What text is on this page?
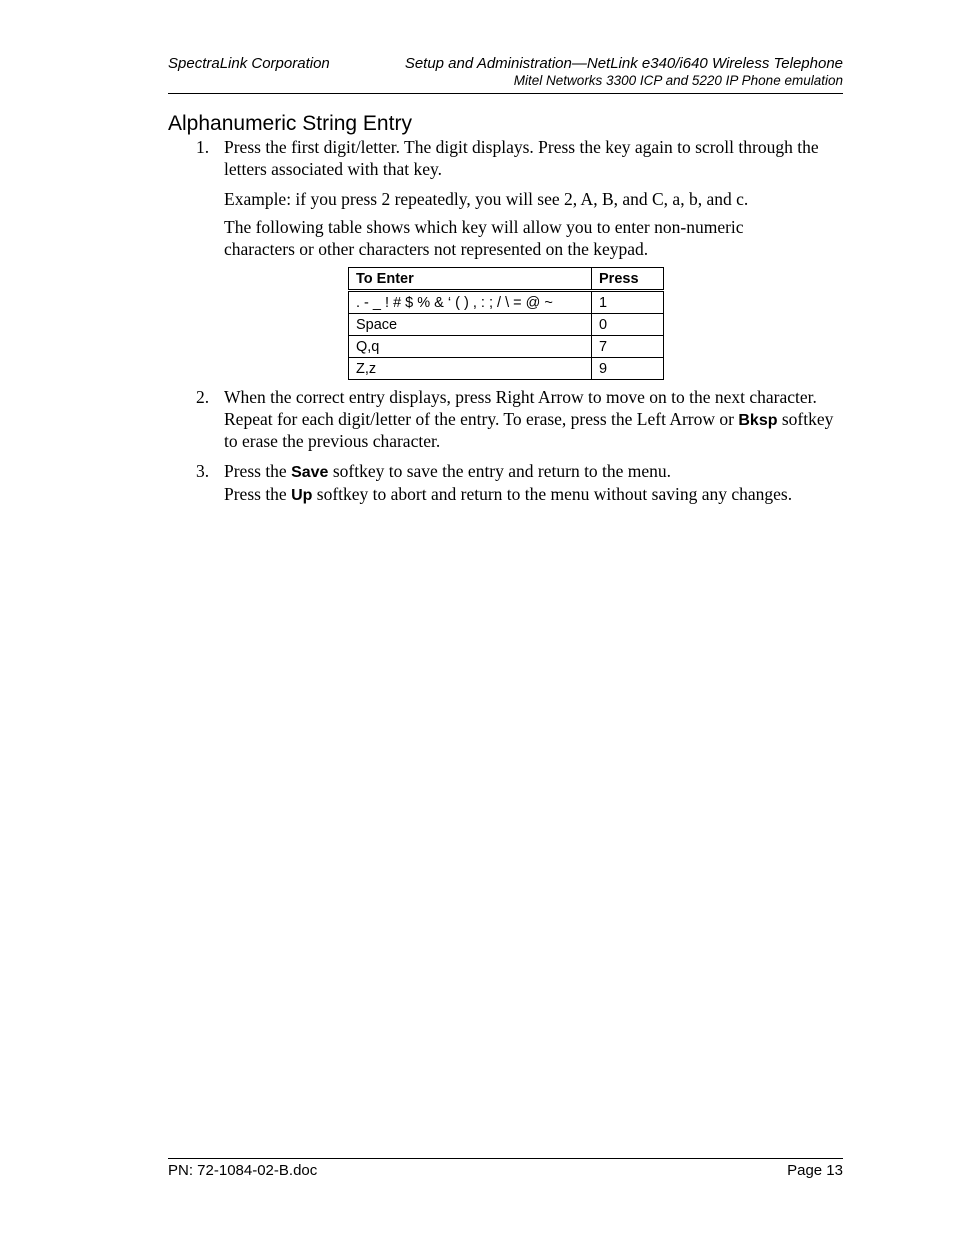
SpectraLink Corporation	Setup and Administration—NetLink e340/i640 Wireless Telephone
Mitel Networks 3300 ICP and 5220 IP Phone emulation
Alphanumeric String Entry
1. Press the first digit/letter. The digit displays. Press the key again to scroll through the letters associated with that key.
Example: if you press 2 repeatedly, you will see 2, A, B, and C, a, b, and c.
The following table shows which key will allow you to enter non-numeric characters or other characters not represented on the keypad.
To Enter	Press
. - _ ! # $ % & ‘ ( ) , : ; / \ = @ ~	1
Space	0
Q,q	7
Z,z	9
2. When the correct entry displays, press Right Arrow to move on to the next character. Repeat for each digit/letter of the entry. To erase, press the Left Arrow or Bksp softkey to erase the previous character.
3. Press the Save softkey to save the entry and return to the menu.
Press the Up softkey to abort and return to the menu without saving any changes.
PN: 72-1084-02-B.doc	Page 13
